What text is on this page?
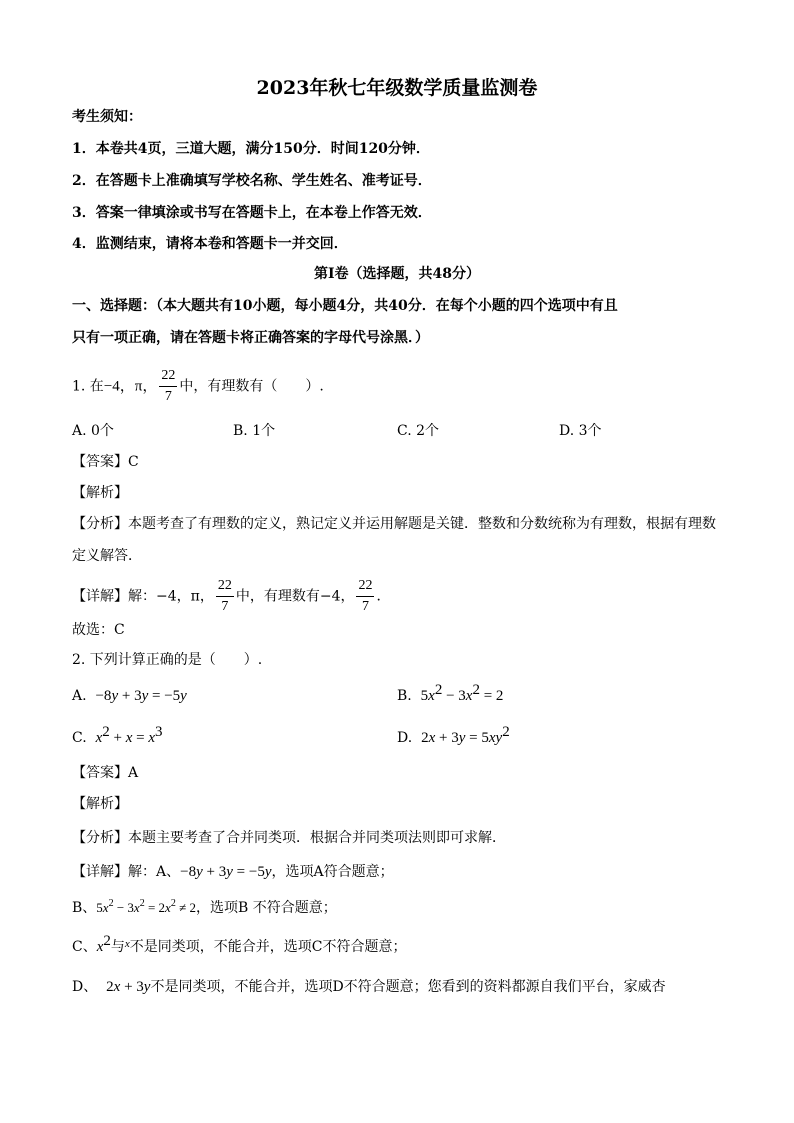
2023年秋七年级数学质量监测卷
考生须知：
1．本卷共4页，三道大题，满分150分．时间120分钟．
2．在答题卡上准确填写学校名称、学生姓名、准考证号．
3．答案一律填涂或书写在答题卡上，在本卷上作答无效．
4．监测结束，请将本卷和答题卡一并交回．
第Ⅰ卷（选择题，共48分）
一、选择题：（本大题共有10小题，每小题4分，共40分．在每个小题的四个选项中有且
只有一项正确，请在答题卡将正确答案的字母代号涂黑．）
1. 在−4，π， $\frac{22}{7}$ 中，有理数有（　　）.
A. 0个	B. 1个	C. 2个	D. 3个
【答案】C
【解析】
【分析】本题考查了有理数的定义，熟记定义并运用解题是关键．整数和分数统称为有理数，根据有理数
定义解答．
【详解】解：−4，π， $\frac{22}{7}$ 中，有理数有−4， $\frac{22}{7}$ ．
故选：C
2. 下列计算正确的是（　　）.
A. −8y + 3y = −5y	B. $5x^2 - 3x^2 = 2$
C. $x^2 + x = x^3$	D. $2x + 3y = 5xy^2$
【答案】A
【解析】
【分析】本题主要考查了合并同类项．根据合并同类项法则即可求解．
【详解】解：A、−8y + 3y = −5y，选项A符合题意；
B、$5x^2 - 3x^2 = 2x^2 \ne 2$，选项B 不符合题意；
C、$x^2$与$^x$不是同类项，不能合并，选项C不符合题意；
D、 2x + 3y不是同类项，不能合并，选项D不符合题意；您看到的资料都源自我们平台，家威杏
